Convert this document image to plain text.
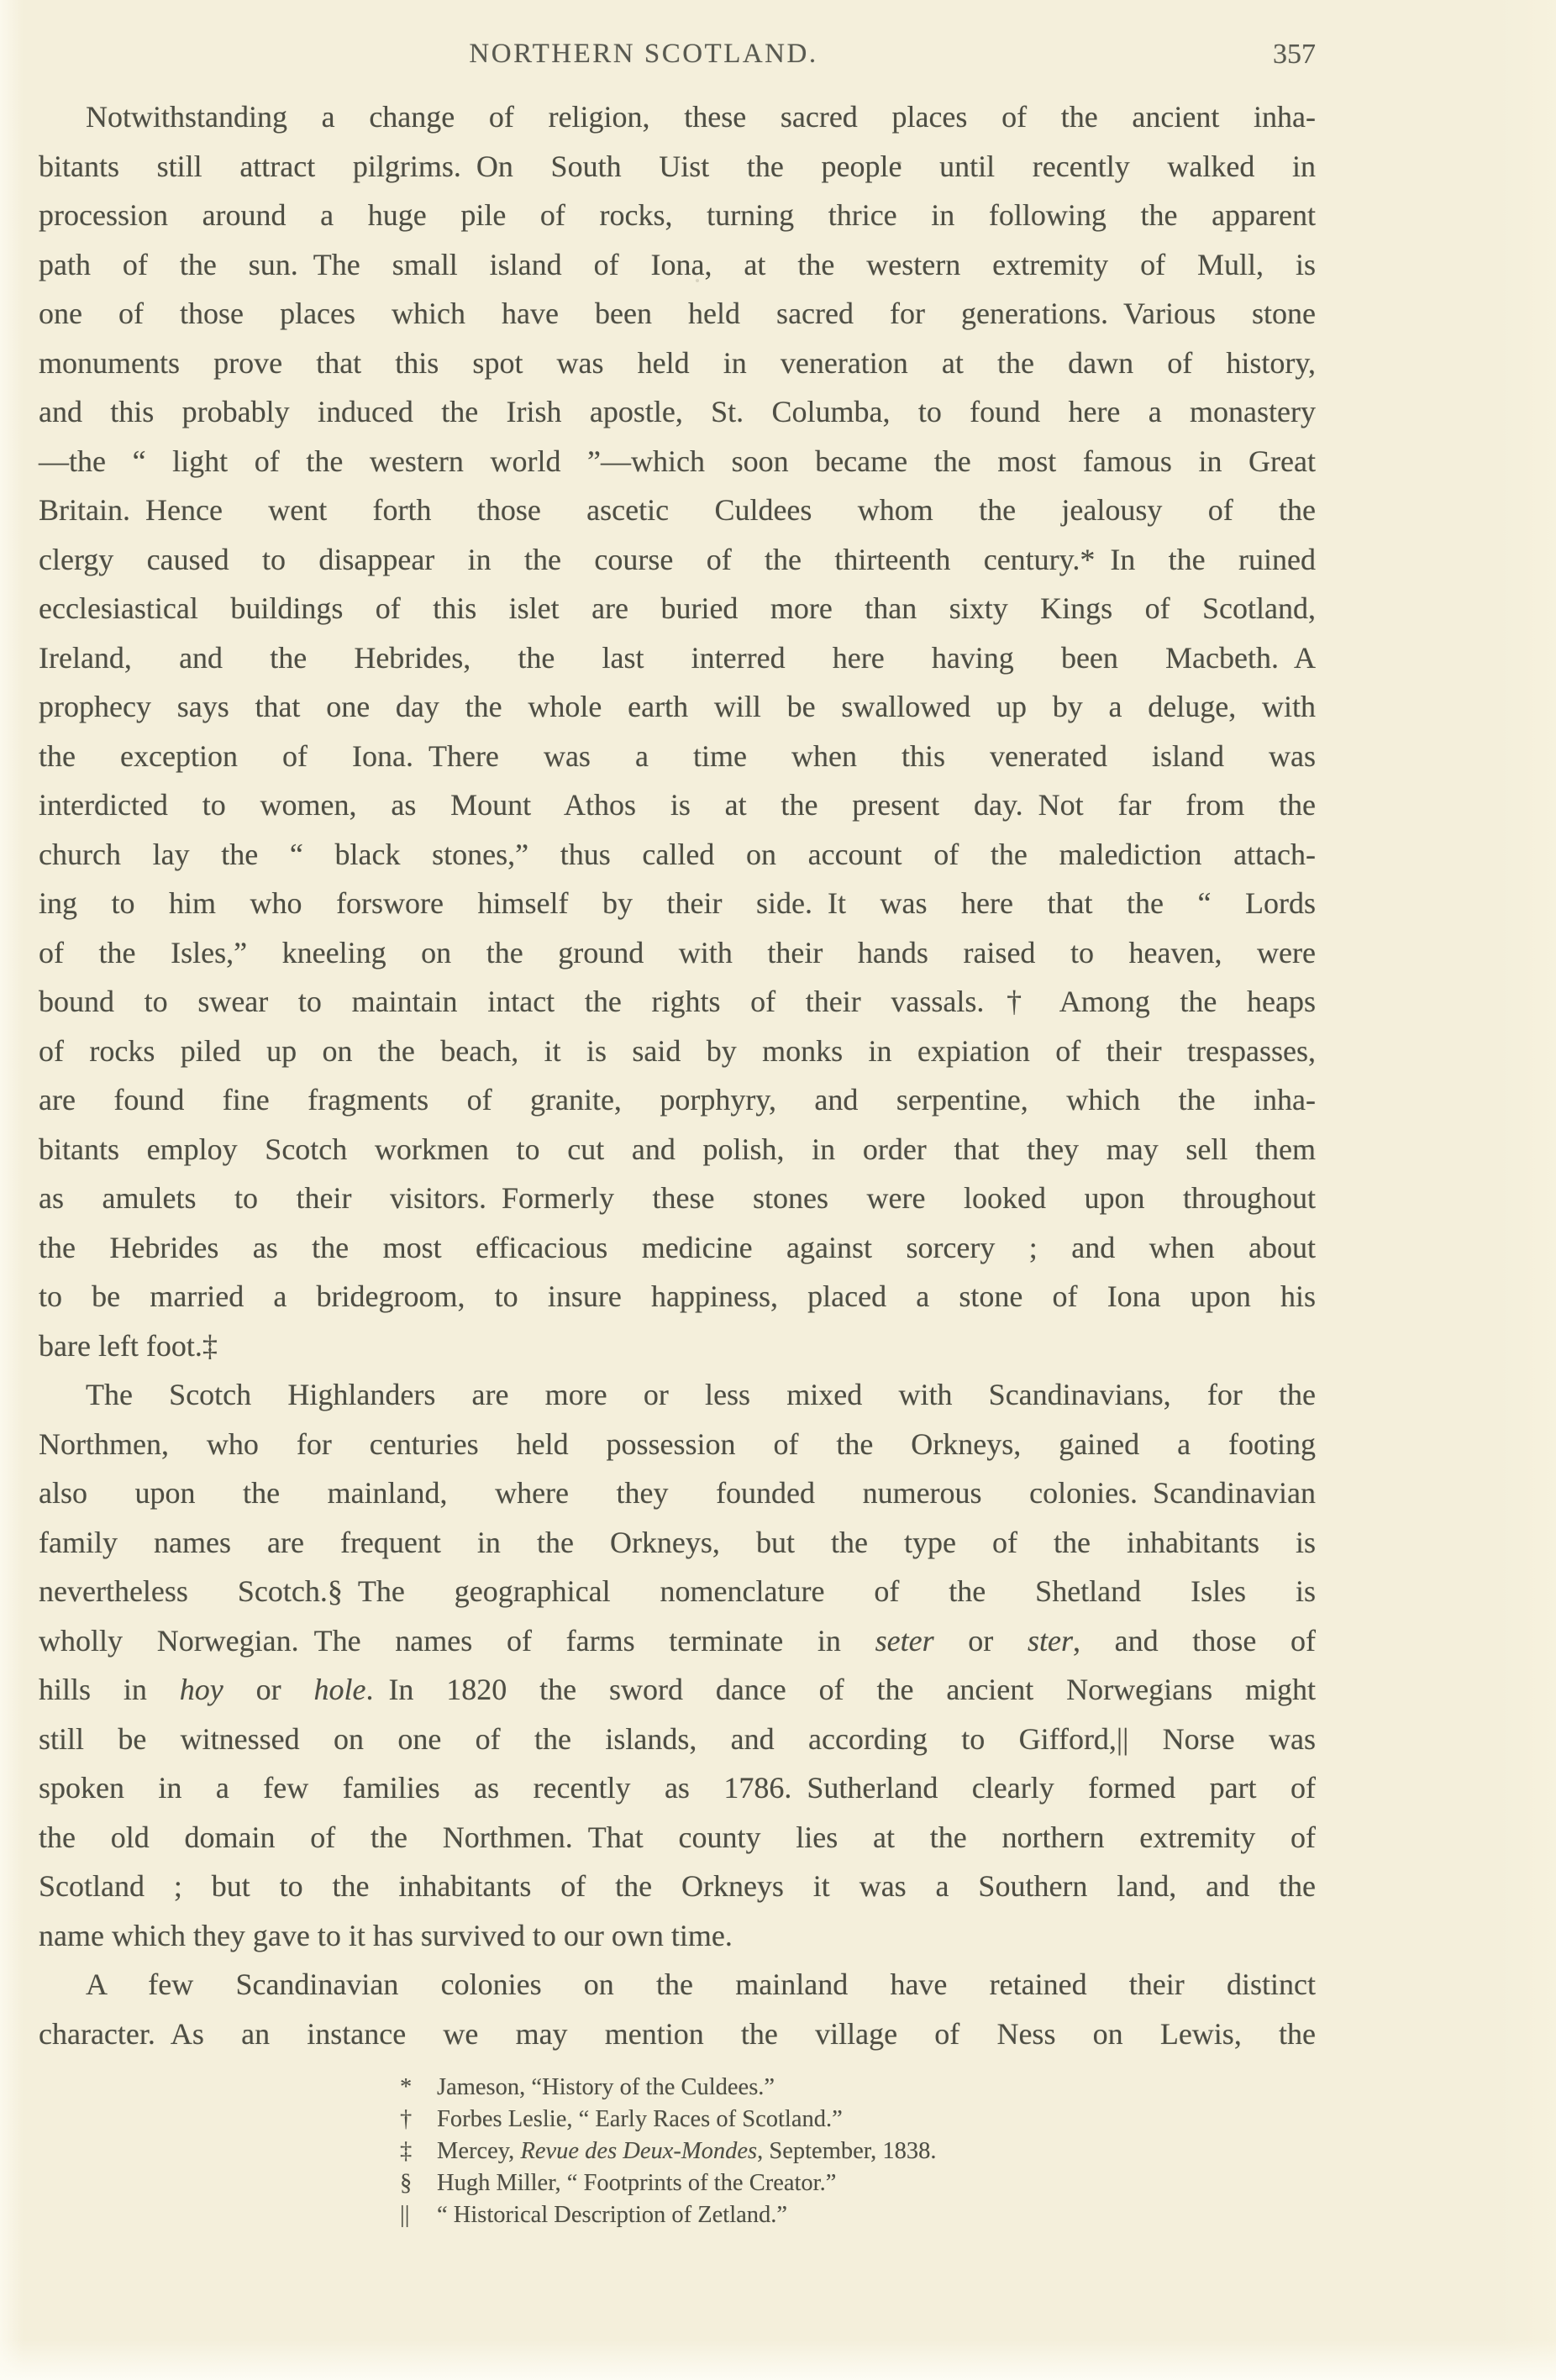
NORTHERN SCOTLAND.	357
Notwithstanding a change of religion, these sacred places of the ancient inha-
bitants still attract pilgrims. On South Uist the people until recently walked in
procession around a huge pile of rocks, turning thrice in following the apparent
path of the sun. The small island of Iona, at the western extremity of Mull, is
one of those places which have been held sacred for generations. Various stone
monuments prove that this spot was held in veneration at the dawn of history,
and this probably induced the Irish apostle, St. Columba, to found here a monastery
—the “ light of the western world ”—which soon became the most famous in Great
Britain. Hence went forth those ascetic Culdees whom the jealousy of the
clergy caused to disappear in the course of the thirteenth century.* In the ruined
ecclesiastical buildings of this islet are buried more than sixty Kings of Scotland,
Ireland, and the Hebrides, the last interred here having been Macbeth. A
prophecy says that one day the whole earth will be swallowed up by a deluge, with
the exception of Iona. There was a time when this venerated island was
interdicted to women, as Mount Athos is at the present day. Not far from the
church lay the “ black stones,” thus called on account of the malediction attach-
ing to him who forswore himself by their side. It was here that the “ Lords
of the Isles,” kneeling on the ground with their hands raised to heaven, were
bound to swear to maintain intact the rights of their vassals.† Among the heaps
of rocks piled up on the beach, it is said by monks in expiation of their trespasses,
are found fine fragments of granite, porphyry, and serpentine, which the inha-
bitants employ Scotch workmen to cut and polish, in order that they may sell them
as amulets to their visitors. Formerly these stones were looked upon throughout
the Hebrides as the most efficacious medicine against sorcery ; and when about
to be married a bridegroom, to insure happiness, placed a stone of Iona upon his
bare left foot.‡
The Scotch Highlanders are more or less mixed with Scandinavians, for the
Northmen, who for centuries held possession of the Orkneys, gained a footing
also upon the mainland, where they founded numerous colonies. Scandinavian
family names are frequent in the Orkneys, but the type of the inhabitants is
nevertheless Scotch.§ The geographical nomenclature of the Shetland Isles is
wholly Norwegian. The names of farms terminate in seter or ster, and those of
hills in hoy or hole. In 1820 the sword dance of the ancient Norwegians might
still be witnessed on one of the islands, and according to Gifford,|| Norse was
spoken in a few families as recently as 1786. Sutherland clearly formed part of
the old domain of the Northmen. That county lies at the northern extremity of
Scotland ; but to the inhabitants of the Orkneys it was a Southern land, and the
name which they gave to it has survived to our own time.
A few Scandinavian colonies on the mainland have retained their distinct
character. As an instance we may mention the village of Ness on Lewis, the
* Jameson, “History of the Culdees.”
† Forbes Leslie, “ Early Races of Scotland.”
‡ Mercey, Revue des Deux-Mondes, September, 1838.
§ Hugh Miller, “ Footprints of the Creator.”
|| “ Historical Description of Zetland.”
